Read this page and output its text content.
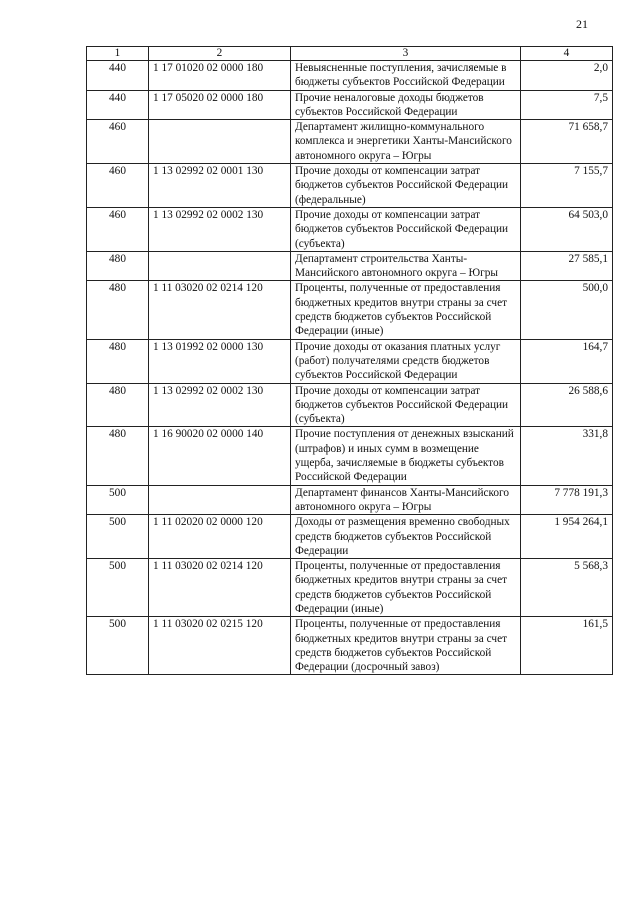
21
1	2	3	4
440	1 17 01020 02 0000 180	Невыясненные поступления, зачисляемые в бюджеты субъектов Российской Федерации	2,0
440	1 17 05020 02 0000 180	Прочие неналоговые доходы бюджетов субъектов Российской Федерации	7,5
460		Департамент жилищно-коммунального комплекса и энергетики Ханты-Мансийского автономного округа – Югры	71 658,7
460	1 13 02992 02 0001 130	Прочие доходы от компенсации затрат бюджетов субъектов Российской Федерации (федеральные)	7 155,7
460	1 13 02992 02 0002 130	Прочие доходы от компенсации затрат бюджетов субъектов Российской Федерации (субъекта)	64 503,0
480		Департамент строительства Ханты-Мансийского автономного округа – Югры	27 585,1
480	1 11 03020 02 0214 120	Проценты, полученные от предоставления бюджетных кредитов внутри страны за счет средств бюджетов субъектов Российской Федерации (иные)	500,0
480	1 13 01992 02 0000 130	Прочие доходы от оказания платных услуг (работ) получателями средств бюджетов субъектов Российской Федерации	164,7
480	1 13 02992 02 0002 130	Прочие доходы от компенсации затрат бюджетов субъектов Российской Федерации (субъекта)	26 588,6
480	1 16 90020 02 0000 140	Прочие поступления от денежных взысканий (штрафов) и иных сумм в возмещение ущерба, зачисляемые в бюджеты субъектов Российской Федерации	331,8
500		Департамент финансов Ханты-Мансийского автономного округа – Югры	7 778 191,3
500	1 11 02020 02 0000 120	Доходы от размещения временно свободных средств бюджетов субъектов Российской Федерации	1 954 264,1
500	1 11 03020 02 0214 120	Проценты, полученные от предоставления бюджетных кредитов внутри страны за счет средств бюджетов субъектов Российской Федерации (иные)	5 568,3
500	1 11 03020 02 0215 120	Проценты, полученные от предоставления бюджетных кредитов внутри страны за счет средств бюджетов субъектов Российской Федерации (досрочный завоз)	161,5
